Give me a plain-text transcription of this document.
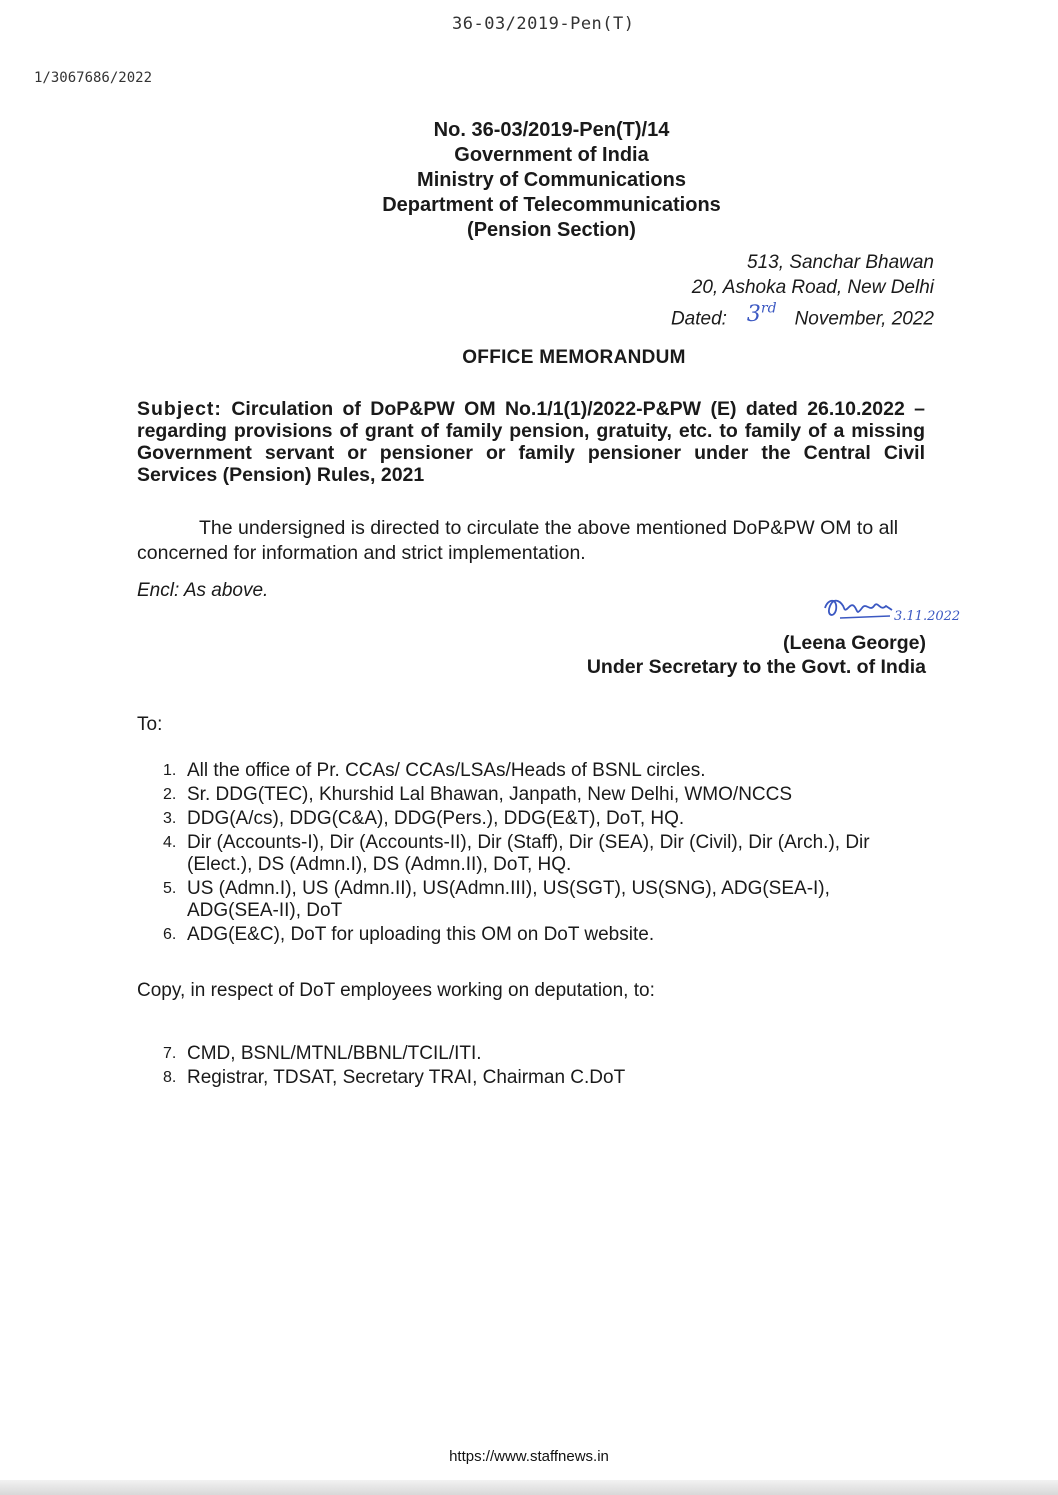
36-03/2019-Pen(T)
1/3067686/2022
No. 36-03/2019-Pen(T)/14
Government of India
Ministry of Communications
Department of Telecommunications
(Pension Section)
513, Sanchar Bhawan
20, Ashoka Road, New Delhi
Dated: 3rd November, 2022
OFFICE MEMORANDUM

Subject: Circulation of DoP&PW OM No.1/1(1)/2022-P&PW (E) dated 26.10.2022 – regarding provisions of grant of family pension, gratuity, etc. to family of a missing Government servant or pensioner or family pensioner under the Central Civil Services (Pension) Rules, 2021

The undersigned is directed to circulate the above mentioned DoP&PW OM to all concerned for information and strict implementation.

Encl: As above.
3.11.2022
(Leena George)
Under Secretary to the Govt. of India
To:
1. All the office of Pr. CCAs/ CCAs/LSAs/Heads of BSNL circles.
2. Sr. DDG(TEC), Khurshid Lal Bhawan, Janpath, New Delhi, WMO/NCCS
3. DDG(A/cs), DDG(C&A), DDG(Pers.), DDG(E&T), DoT, HQ.
4. Dir (Accounts-I), Dir (Accounts-II), Dir (Staff), Dir (SEA), Dir (Civil), Dir (Arch.), Dir (Elect.), DS (Admn.I), DS (Admn.II), DoT, HQ.
5. US (Admn.I), US (Admn.II), US(Admn.III), US(SGT), US(SNG), ADG(SEA-I), ADG(SEA-II), DoT
6. ADG(E&C), DoT for uploading this OM on DoT website.
Copy, in respect of DoT employees working on deputation, to:
7. CMD, BSNL/MTNL/BBNL/TCIL/ITI.
8. Registrar, TDSAT, Secretary TRAI, Chairman C.DoT
https://www.staffnews.in
